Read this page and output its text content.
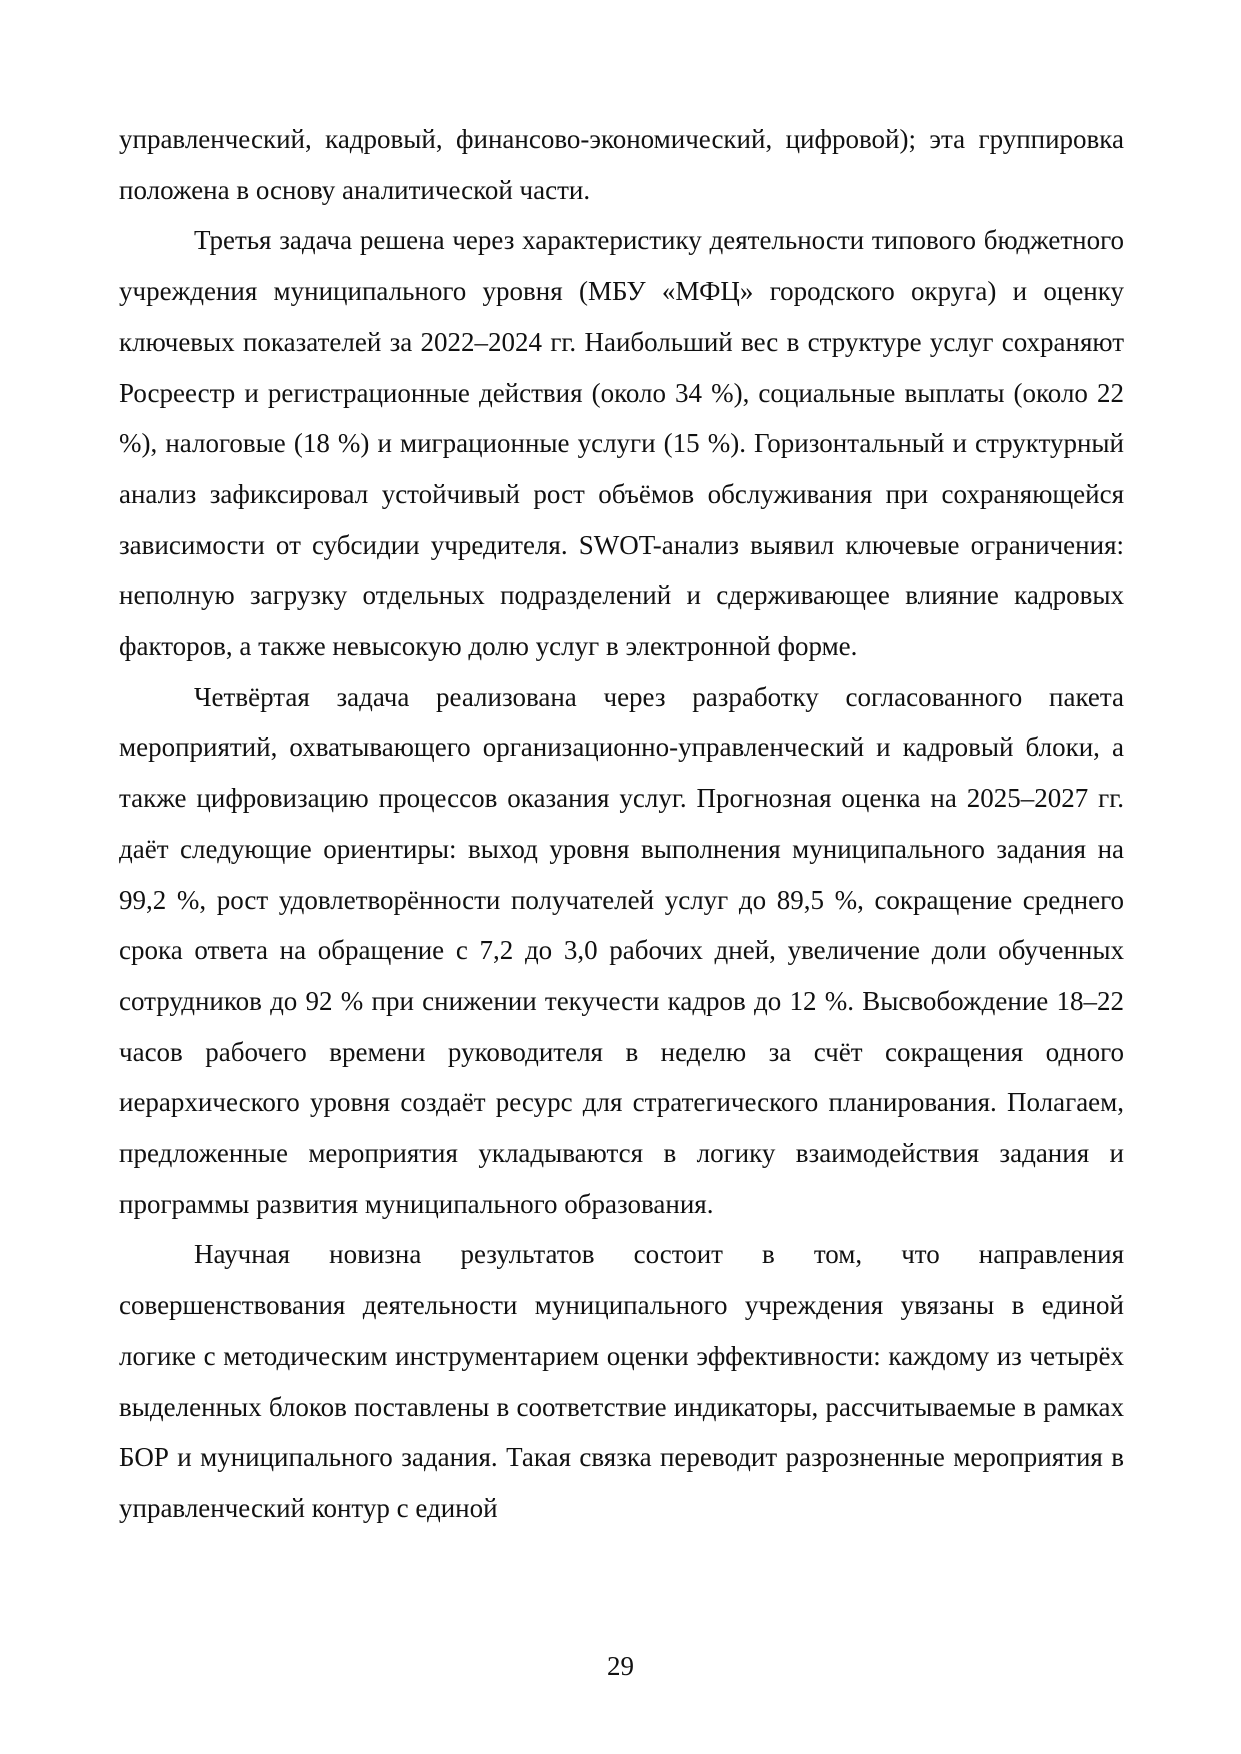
управленческий, кадровый, финансово-экономический, цифровой); эта группировка положена в основу аналитической части.

Третья задача решена через характеристику деятельности типового бюджетного учреждения муниципального уровня (МБУ «МФЦ» городского округа) и оценку ключевых показателей за 2022–2024 гг. Наибольший вес в структуре услуг сохраняют Росреестр и регистрационные действия (около 34 %), социальные выплаты (около 22 %), налоговые (18 %) и миграционные услуги (15 %). Горизонтальный и структурный анализ зафиксировал устойчивый рост объёмов обслуживания при сохраняющейся зависимости от субсидии учредителя. SWOT-анализ выявил ключевые ограничения: неполную загрузку отдельных подразделений и сдерживающее влияние кадровых факторов, а также невысокую долю услуг в электронной форме.

Четвёртая задача реализована через разработку согласованного пакета мероприятий, охватывающего организационно-управленческий и кадровый блоки, а также цифровизацию процессов оказания услуг. Прогнозная оценка на 2025–2027 гг. даёт следующие ориентиры: выход уровня выполнения муниципального задания на 99,2 %, рост удовлетворённости получателей услуг до 89,5 %, сокращение среднего срока ответа на обращение с 7,2 до 3,0 рабочих дней, увеличение доли обученных сотрудников до 92 % при снижении текучести кадров до 12 %. Высвобождение 18–22 часов рабочего времени руководителя в неделю за счёт сокращения одного иерархического уровня создаёт ресурс для стратегического планирования. Полагаем, предложенные мероприятия укладываются в логику взаимодействия задания и программы развития муниципального образования.

Научная новизна результатов состоит в том, что направления совершенствования деятельности муниципального учреждения увязаны в единой логике с методическим инструментарием оценки эффективности: каждому из четырёх выделенных блоков поставлены в соответствие индикаторы, рассчитываемые в рамках БОР и муниципального задания. Такая связка переводит разрозненные мероприятия в управленческий контур с единой

29
